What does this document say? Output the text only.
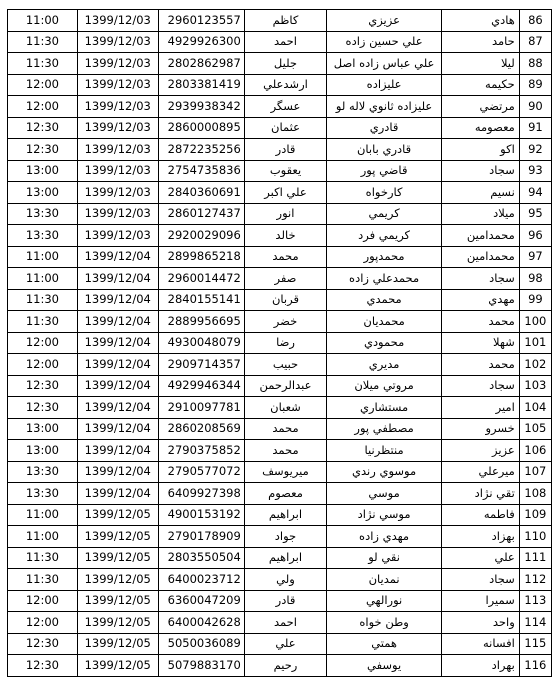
11:00	1399/12/03	2960123557	كاظم	عزيزي	هادي	86
11:30	1399/12/03	4929926300	احمد	علي حسين زاده	حامد	87
11:30	1399/12/03	2802862987	جليل	علي عباس زاده اصل	ليلا	88
12:00	1399/12/03	2803381419	ارشدعلي	عليزاده	حكيمه	89
12:00	1399/12/03	2939938342	عسگر	عليزاده ثانوي لاله لو	مرتضي	90
12:30	1399/12/03	2860000895	عثمان	قادري	معصومه	91
12:30	1399/12/03	2872235256	قادر	قادري بابان	اكو	92
13:00	1399/12/03	2754735836	يعقوب	قاضي پور	سجاد	93
13:00	1399/12/03	2840360691	علي اكبر	كارخواه	نسيم	94
13:30	1399/12/03	2860127437	انور	كريمي	ميلاد	95
13:30	1399/12/03	2920029096	خالد	كريمي فرد	محمدامين	96
11:00	1399/12/04	2899865218	محمد	محمدپور	محمدامين	97
11:00	1399/12/04	2960014472	صفر	محمدعلي زاده	سجاد	98
11:30	1399/12/04	2840155141	قربان	محمدي	مهدي	99
11:30	1399/12/04	2889956695	خضر	محمديان	محمد	100
12:00	1399/12/04	4930048079	رضا	محمودي	شهلا	101
12:00	1399/12/04	2909714357	حبيب	مديري	محمد	102
12:30	1399/12/04	4929946344	عبدالرحمن	مروتي ميلان	سجاد	103
12:30	1399/12/04	2910097781	شعبان	مستشاري	امير	104
13:00	1399/12/04	2860208569	محمد	مصطفي پور	خسرو	105
13:00	1399/12/04	2790375852	محمد	منتظرنيا	عزيز	106
13:30	1399/12/04	2790577072	ميريوسف	موسوي رندي	ميرعلي	107
13:30	1399/12/04	6409927398	معصوم	موسي	تقي نژاد	108
11:00	1399/12/05	4900153192	ابراهيم	موسي نژاد	فاطمه	109
11:00	1399/12/05	2790178909	جواد	مهدي زاده	بهزاد	110
11:30	1399/12/05	2803550504	ابراهيم	نقي لو	علي	111
11:30	1399/12/05	6400023712	ولي	نمديان	سجاد	112
12:00	1399/12/05	6360047209	قادر	نورالهي	سميرا	113
12:00	1399/12/05	6400042628	احمد	وطن خواه	واحد	114
12:30	1399/12/05	5050036089	علي	همتي	افسانه	115
12:30	1399/12/05	5079883170	رحيم	يوسفي	بهراد	116
